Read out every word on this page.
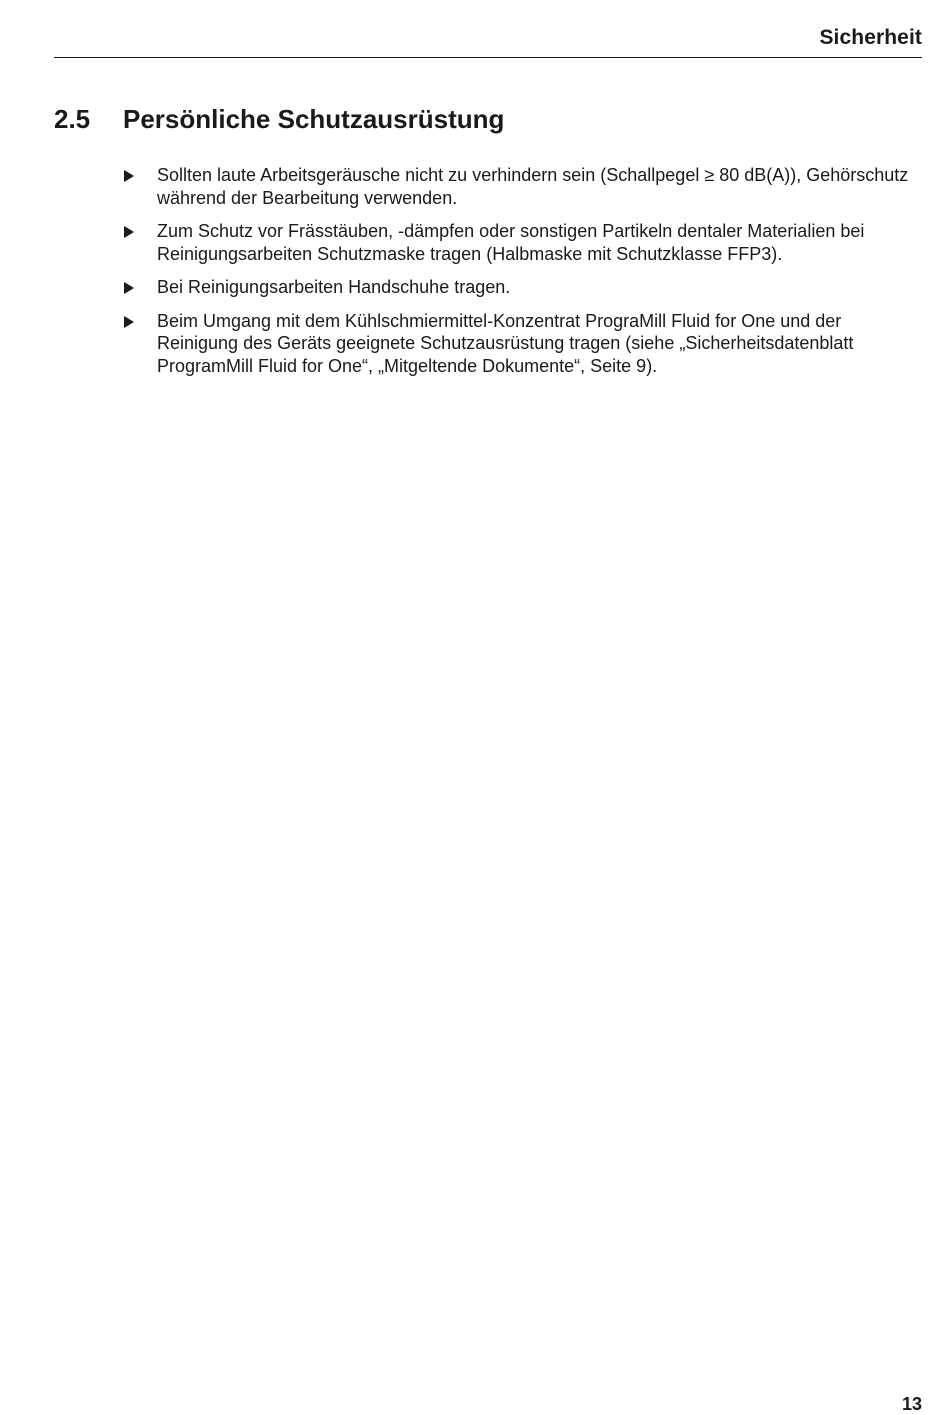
Sicherheit
2.5 Persönliche Schutzausrüstung
Sollten laute Arbeitsgeräusche nicht zu verhindern sein (Schallpegel ≥ 80 dB(A)), Gehörschutz während der Bearbeitung verwenden.
Zum Schutz vor Frässtäuben, -dämpfen oder sonstigen Partikeln dentaler Materialien bei Reinigungsarbeiten Schutzmaske tragen (Halbmaske mit Schutzklasse FFP3).
Bei Reinigungsarbeiten Handschuhe tragen.
Beim Umgang mit dem Kühlschmiermittel-Konzentrat PrograMill Fluid for One und der Reinigung des Geräts geeignete Schutzausrüstung tragen (siehe „Sicherheitsdatenblatt ProgramMill Fluid for One“, „Mitgeltende Dokumente“, Seite 9).
13
